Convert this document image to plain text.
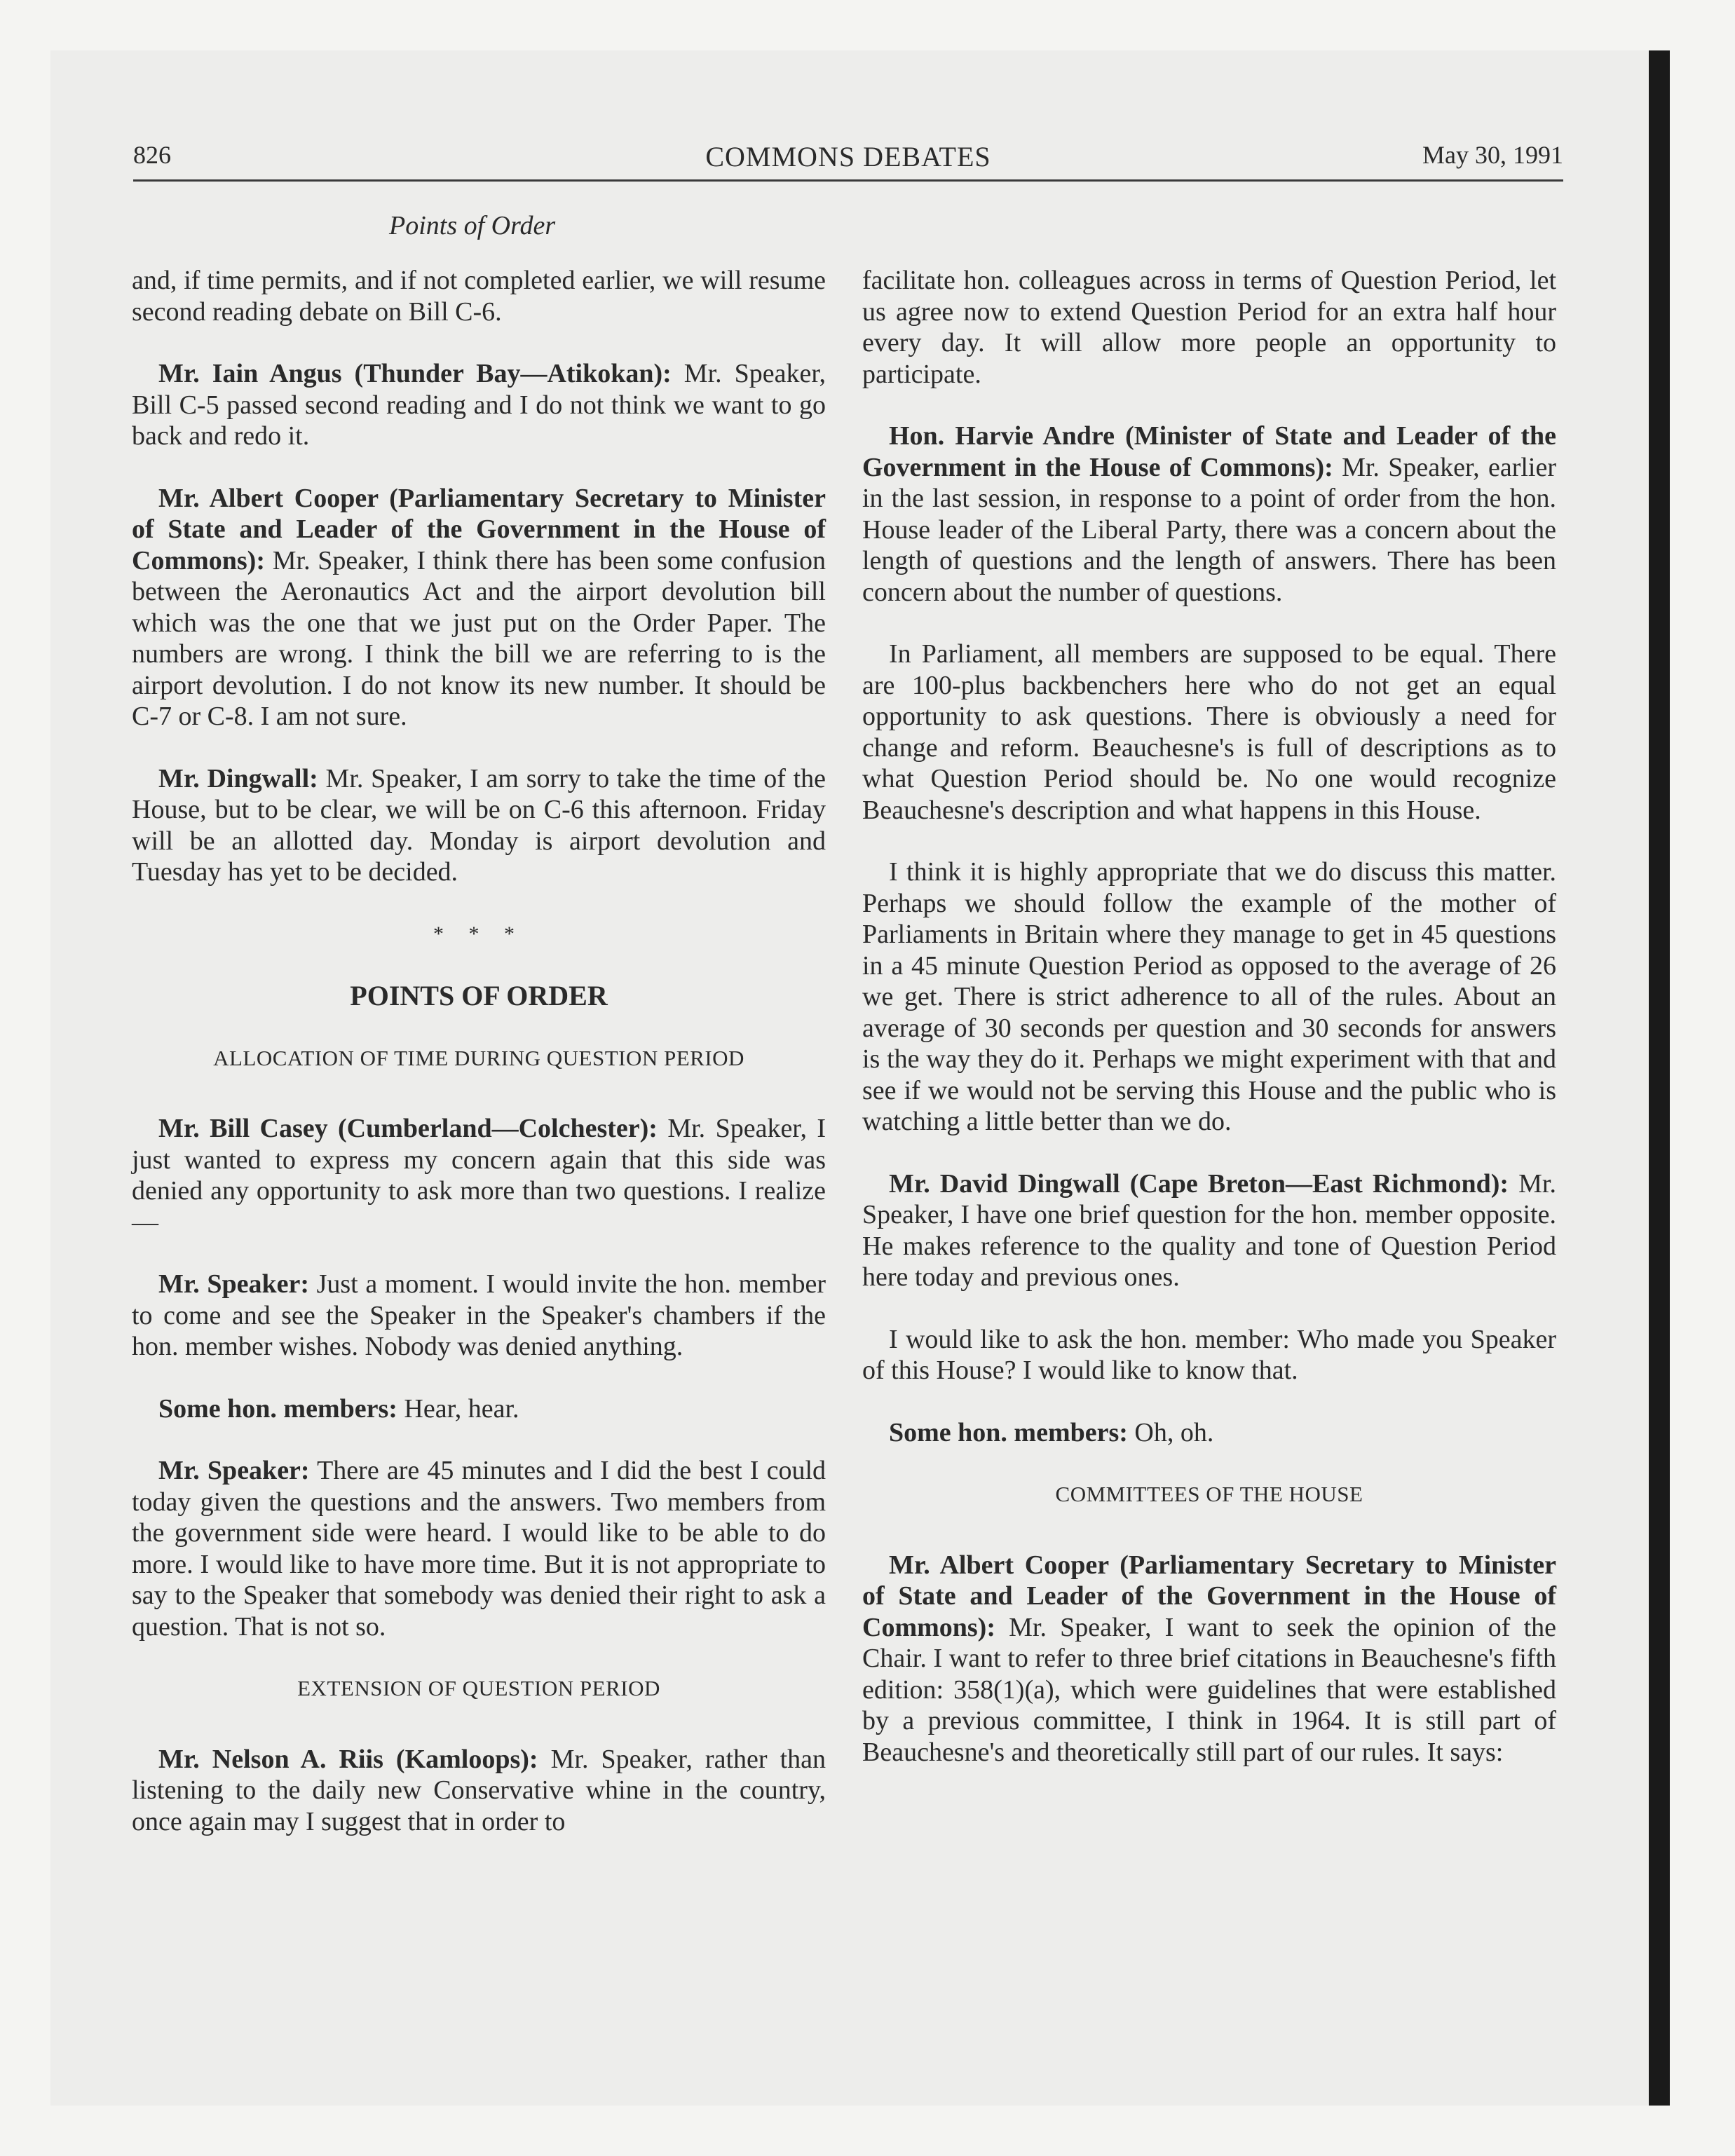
826	COMMONS DEBATES	May 30, 1991
Points of Order

and, if time permits, and if not completed earlier, we will resume second reading debate on Bill C-6.

Mr. Iain Angus (Thunder Bay—Atikokan): Mr. Speaker, Bill C-5 passed second reading and I do not think we want to go back and redo it.

Mr. Albert Cooper (Parliamentary Secretary to Minister of State and Leader of the Government in the House of Commons): Mr. Speaker, I think there has been some confusion between the Aeronautics Act and the airport devolution bill which was the one that we just put on the Order Paper. The numbers are wrong. I think the bill we are referring to is the airport devolution. I do not know its new number. It should be C-7 or C-8. I am not sure.

Mr. Dingwall: Mr. Speaker, I am sorry to take the time of the House, but to be clear, we will be on C-6 this afternoon. Friday will be an allotted day. Monday is airport devolution and Tuesday has yet to be decided.

* * *
POINTS OF ORDER
ALLOCATION OF TIME DURING QUESTION PERIOD

Mr. Bill Casey (Cumberland—Colchester): Mr. Speaker, I just wanted to express my concern again that this side was denied any opportunity to ask more than two questions. I realize—

Mr. Speaker: Just a moment. I would invite the hon. member to come and see the Speaker in the Speaker's chambers if the hon. member wishes. Nobody was denied anything.

Some hon. members: Hear, hear.

Mr. Speaker: There are 45 minutes and I did the best I could today given the questions and the answers. Two members from the government side were heard. I would like to be able to do more. I would like to have more time. But it is not appropriate to say to the Speaker that somebody was denied their right to ask a question. That is not so.

EXTENSION OF QUESTION PERIOD

Mr. Nelson A. Riis (Kamloops): Mr. Speaker, rather than listening to the daily new Conservative whine in the country, once again may I suggest that in order to

facilitate hon. colleagues across in terms of Question Period, let us agree now to extend Question Period for an extra half hour every day. It will allow more people an opportunity to participate.

Hon. Harvie Andre (Minister of State and Leader of the Government in the House of Commons): Mr. Speaker, earlier in the last session, in response to a point of order from the hon. House leader of the Liberal Party, there was a concern about the length of questions and the length of answers. There has been concern about the number of questions.

In Parliament, all members are supposed to be equal. There are 100-plus backbenchers here who do not get an equal opportunity to ask questions. There is obviously a need for change and reform. Beauchesne's is full of descriptions as to what Question Period should be. No one would recognize Beauchesne's description and what happens in this House.

I think it is highly appropriate that we do discuss this matter. Perhaps we should follow the example of the mother of Parliaments in Britain where they manage to get in 45 questions in a 45 minute Question Period as opposed to the average of 26 we get. There is strict adherence to all of the rules. About an average of 30 seconds per question and 30 seconds for answers is the way they do it. Perhaps we might experiment with that and see if we would not be serving this House and the public who is watching a little better than we do.

Mr. David Dingwall (Cape Breton—East Richmond): Mr. Speaker, I have one brief question for the hon. member opposite. He makes reference to the quality and tone of Question Period here today and previous ones.

I would like to ask the hon. member: Who made you Speaker of this House? I would like to know that.

Some hon. members: Oh, oh.

COMMITTEES OF THE HOUSE

Mr. Albert Cooper (Parliamentary Secretary to Minister of State and Leader of the Government in the House of Commons): Mr. Speaker, I want to seek the opinion of the Chair. I want to refer to three brief citations in Beauchesne's fifth edition: 358(1)(a), which were guidelines that were established by a previous committee, I think in 1964. It is still part of Beauchesne's and theoretically still part of our rules. It says:
